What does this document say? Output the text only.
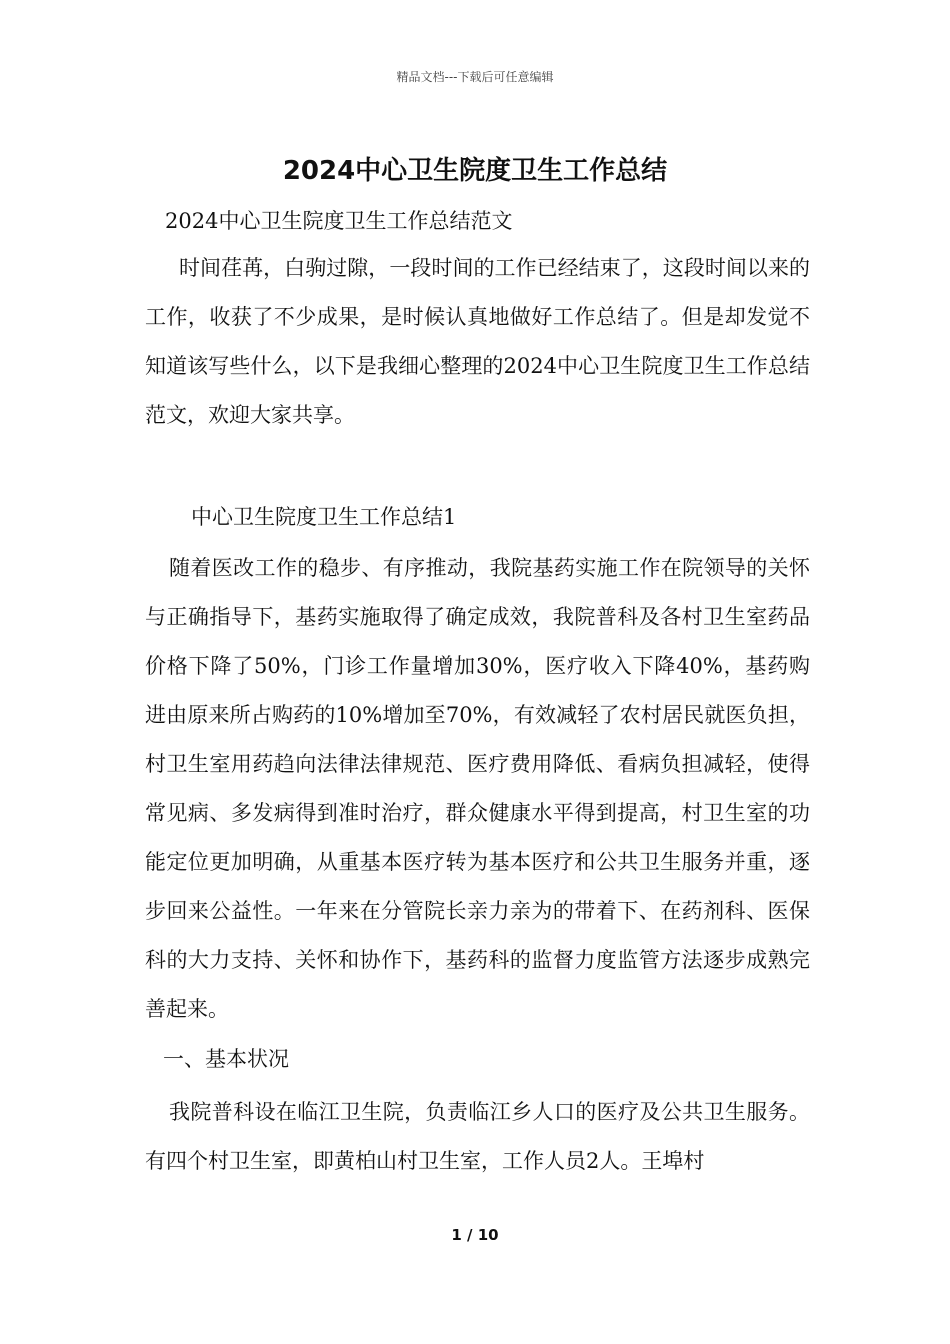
精品文档---下载后可任意编辑
2024中心卫生院度卫生工作总结

2024中心卫生院度卫生工作总结范文

时间荏苒，白驹过隙，一段时间的工作已经结束了，这段时间以来的工作，收获了不少成果，是时候认真地做好工作总结了。但是却发觉不知道该写些什么，以下是我细心整理的2024中心卫生院度卫生工作总结范文，欢迎大家共享。

中心卫生院度卫生工作总结1

随着医改工作的稳步、有序推动，我院基药实施工作在院领导的关怀与正确指导下，基药实施取得了确定成效，我院普科及各村卫生室药品价格下降了50%，门诊工作量增加30%，医疗收入下降40%，基药购进由原来所占购药的10%增加至70%，有效减轻了农村居民就医负担，村卫生室用药趋向法律法律规范、医疗费用降低、看病负担减轻，使得常见病、多发病得到准时治疗，群众健康水平得到提高，村卫生室的功能定位更加明确，从重基本医疗转为基本医疗和公共卫生服务并重，逐步回来公益性。一年来在分管院长亲力亲为的带着下、在药剂科、医保科的大力支持、关怀和协作下，基药科的监督力度监管方法逐步成熟完善起来。

一、基本状况

我院普科设在临江卫生院，负责临江乡人口的医疗及公共卫生服务。有四个村卫生室，即黄柏山村卫生室，工作人员2人。王埠村

1 / 10
